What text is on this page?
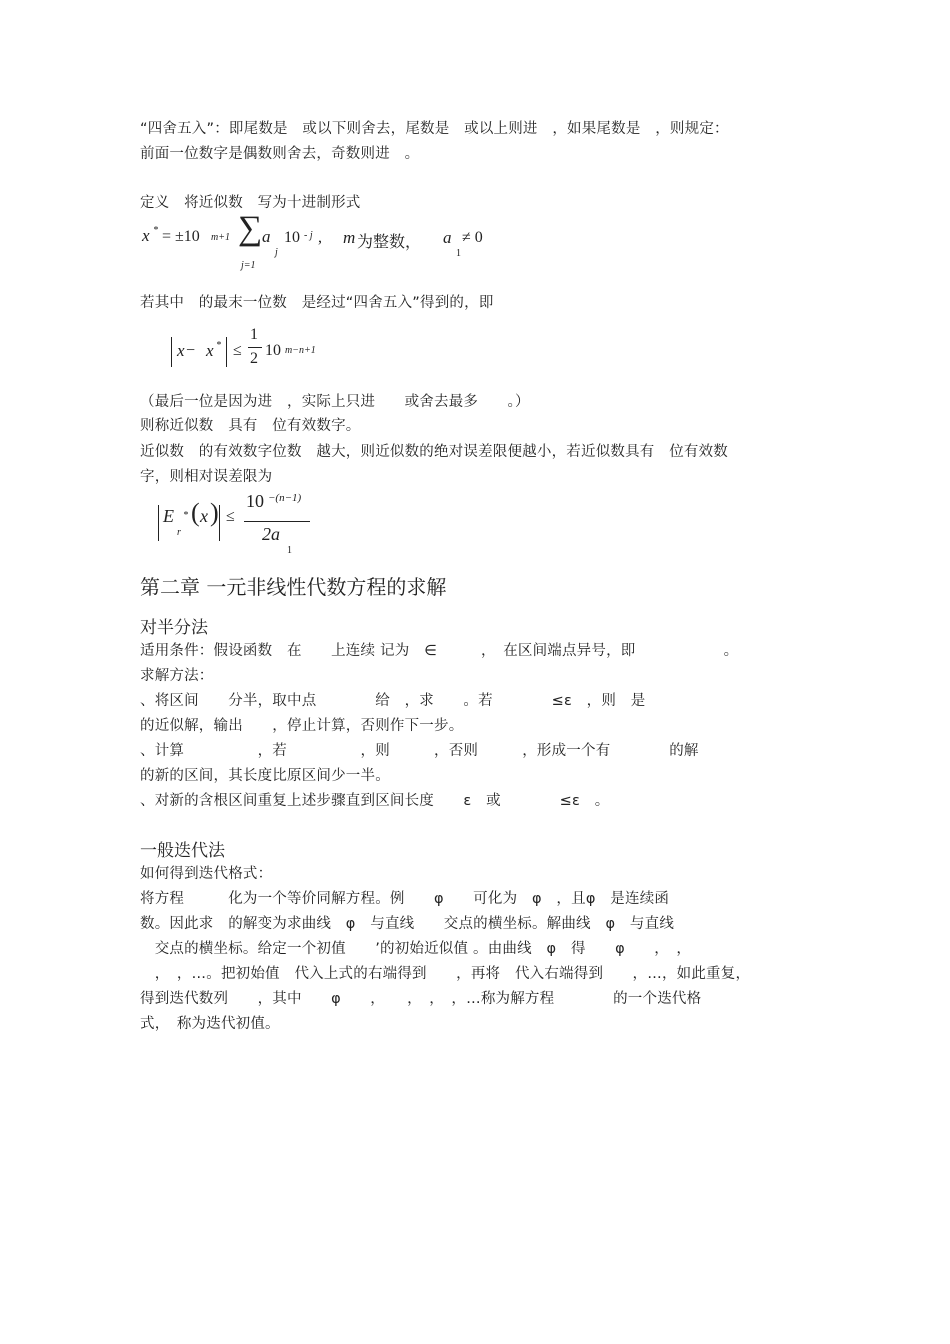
“四舍五入”：即尾数是　或以下则舍去，尾数是　或以上则进　，如果尾数是　，则规定：
前面一位数字是偶数则舍去，奇数则进　。
定义　将近似数　写为十进制形式
x * = ±10 m+1 ∑ a
j
10 - j , m 为整数， a
1
≠ 0
j=1
若其中　的最末一位数　是经过“四舍五入”得到的，即
x − x * ≤
1
2 10 m−n+1
（最后一位是因为进　，实际上只进　　或舍去最多　　。）
则称近似数　具有　位有效数字。
近似数　的有效数字位数　越大，则近似数的绝对误差限便越小，若近似数具有　位有效数
字，则相对误差限为
E *
r
( x ) ≤
10 −(n−1)
2a
1
第二章 一元非线性代数方程的求解
对半分法
适用条件：假设函数　在　　上连续 记为　∈　　　，　在区间端点异号，即　　　　　　。
求解方法：
、将区间　　分半，取中点　　　　给　，求　　。若　　　　≤ε　，则　是
的近似解，输出　　，停止计算，否则作下一步。
、计算　　　　　，若　　　　　，则　　　，否则　　　，形成一个有　　　　的解
的新的区间，其长度比原区间少一半。
、对新的含根区间重复上述步骤直到区间长度　　ε　或　　　　≤ε　。
一般迭代法
如何得到迭代格式：
将方程　　　化为一个等价同解方程。例　　φ　　可化为　φ　，且φ　是连续函
数。因此求　的解变为求曲线　φ　与直线　　交点的横坐标。解曲线　φ　与直线
　交点的横坐标。给定一个初值　　’的初始近似值 。由曲线　φ　得　　φ　　，　，
　，　，…。把初始值　代入上式的右端得到　　，再将　代入右端得到　　，…，如此重复，
得到迭代数列　　，其中　　φ　　，　　，　，　，…称为解方程　　　　的一个迭代格
式，　称为迭代初值。
